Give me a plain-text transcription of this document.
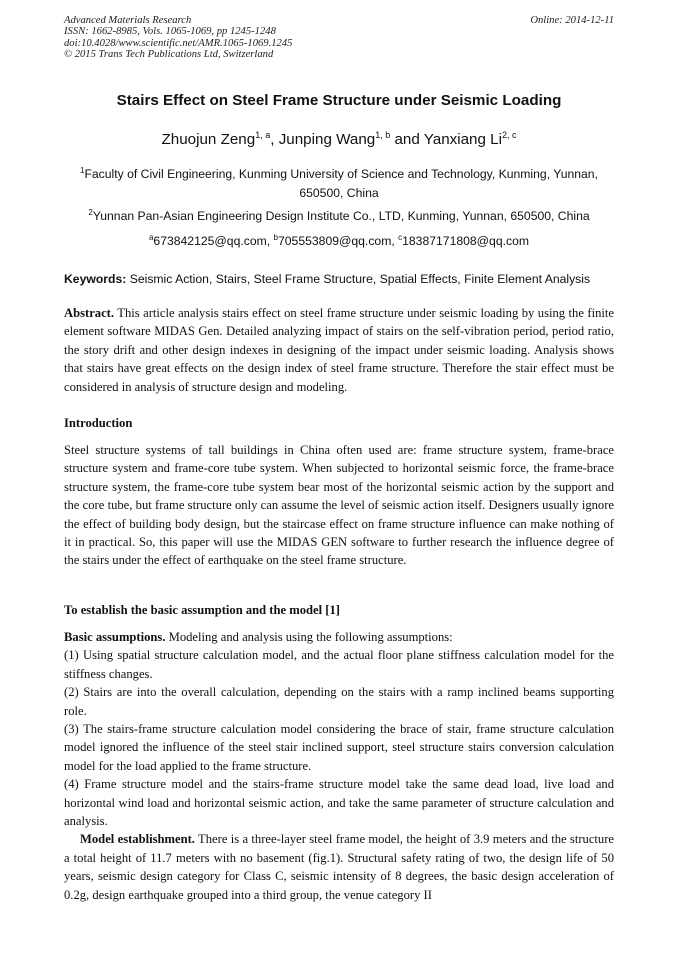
Advanced Materials Research
ISSN: 1662-8985, Vols. 1065-1069, pp 1245-1248
doi:10.4028/www.scientific.net/AMR.1065-1069.1245
© 2015 Trans Tech Publications Ltd, Switzerland
Online: 2014-12-11
Stairs Effect on Steel Frame Structure under Seismic Loading
Zhuojun Zeng$^{1, a}$, Junping Wang$^{1, b}$ and Yanxiang Li$^{2, c}$
$^1$Faculty of Civil Engineering, Kunming University of Science and Technology, Kunming, Yunnan, 650500, China
$^2$Yunnan Pan-Asian Engineering Design Institute Co., LTD, Kunming, Yunnan, 650500, China
$^a$673842125@qq.com, $^b$705553809@qq.com, $^c$18387171808@qq.com
Keywords: Seismic Action, Stairs, Steel Frame Structure, Spatial Effects, Finite Element Analysis
Abstract. This article analysis stairs effect on steel frame structure under seismic loading by using the finite element software MIDAS Gen. Detailed analyzing impact of stairs on the self-vibration period, period ratio, the story drift and other design indexes in designing of the impact under seismic loading. Analysis shows that stairs have great effects on the design index of steel frame structure. Therefore the stair effect must be considered in analysis of structure design and modeling.
Introduction
Steel structure systems of tall buildings in China often used are: frame structure system, frame-brace structure system and frame-core tube system. When subjected to horizontal seismic force, the frame-brace structure system, the frame-core tube system bear most of the horizontal seismic action by the support and the core tube, but frame structure only can assume the level of seismic action itself. Designers usually ignore the effect of building body design, but the staircase effect on frame structure influence can make nothing of it in practical. So, this paper will use the MIDAS GEN software to further research the influence degree of the stairs under the effect of earthquake on the steel frame structure.
To establish the basic assumption and the model [1]
Basic assumptions. Modeling and analysis using the following assumptions:
(1) Using spatial structure calculation model, and the actual floor plane stiffness calculation model for the stiffness changes.
(2) Stairs are into the overall calculation, depending on the stairs with a ramp inclined beams supporting role.
(3) The stairs-frame structure calculation model considering the brace of stair, frame structure calculation model ignored the influence of the steel stair inclined support, steel structure stairs conversion calculation model for the load applied to the frame structure.
(4) Frame structure model and the stairs-frame structure model take the same dead load, live load and horizontal wind load and horizontal seismic action, and take the same parameter of structure calculation and analysis.
Model establishment. There is a three-layer steel frame model, the height of 3.9 meters and the structure a total height of 11.7 meters with no basement (fig.1). Structural safety rating of two, the design life of 50 years, seismic design category for Class C, seismic intensity of 8 degrees, the basic design acceleration of 0.2g, design earthquake grouped into a third group, the venue category II
